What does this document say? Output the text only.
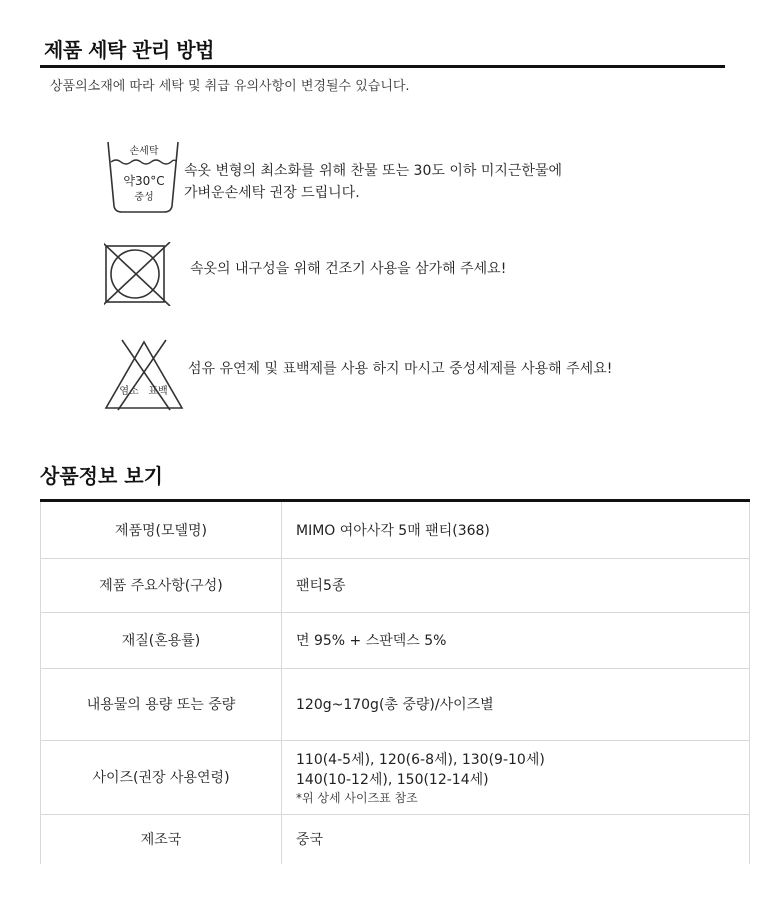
제품 세탁 관리 방법
상품의소재에 따라 세탁 및 취급 유의사항이 변경될수 있습니다.
손세탁
약30°C
중성
속옷 변형의 최소화를 위해 찬물 또는 30도 이하 미지근한물에
가벼운손세탁 권장 드립니다.
속옷의 내구성을 위해 건조기 사용을 삼가해 주세요!
염소 표백
섬유 유연제 및 표백제를 사용 하지 마시고 중성세제를 사용해 주세요!
상품정보 보기
제품명(모델명)	MIMO 여아사각 5매 팬티(368)
제품 주요사항(구성)	팬티5종
재질(혼용률)	면 95% + 스판덱스 5%
내용물의 용량 또는 중량	120g~170g(총 중량)/사이즈별
사이즈(권장 사용연령)	110(4-5세), 120(6-8세), 130(9-10세)
140(10-12세), 150(12-14세)
*위 상세 사이즈표 참조

제조국	중국
